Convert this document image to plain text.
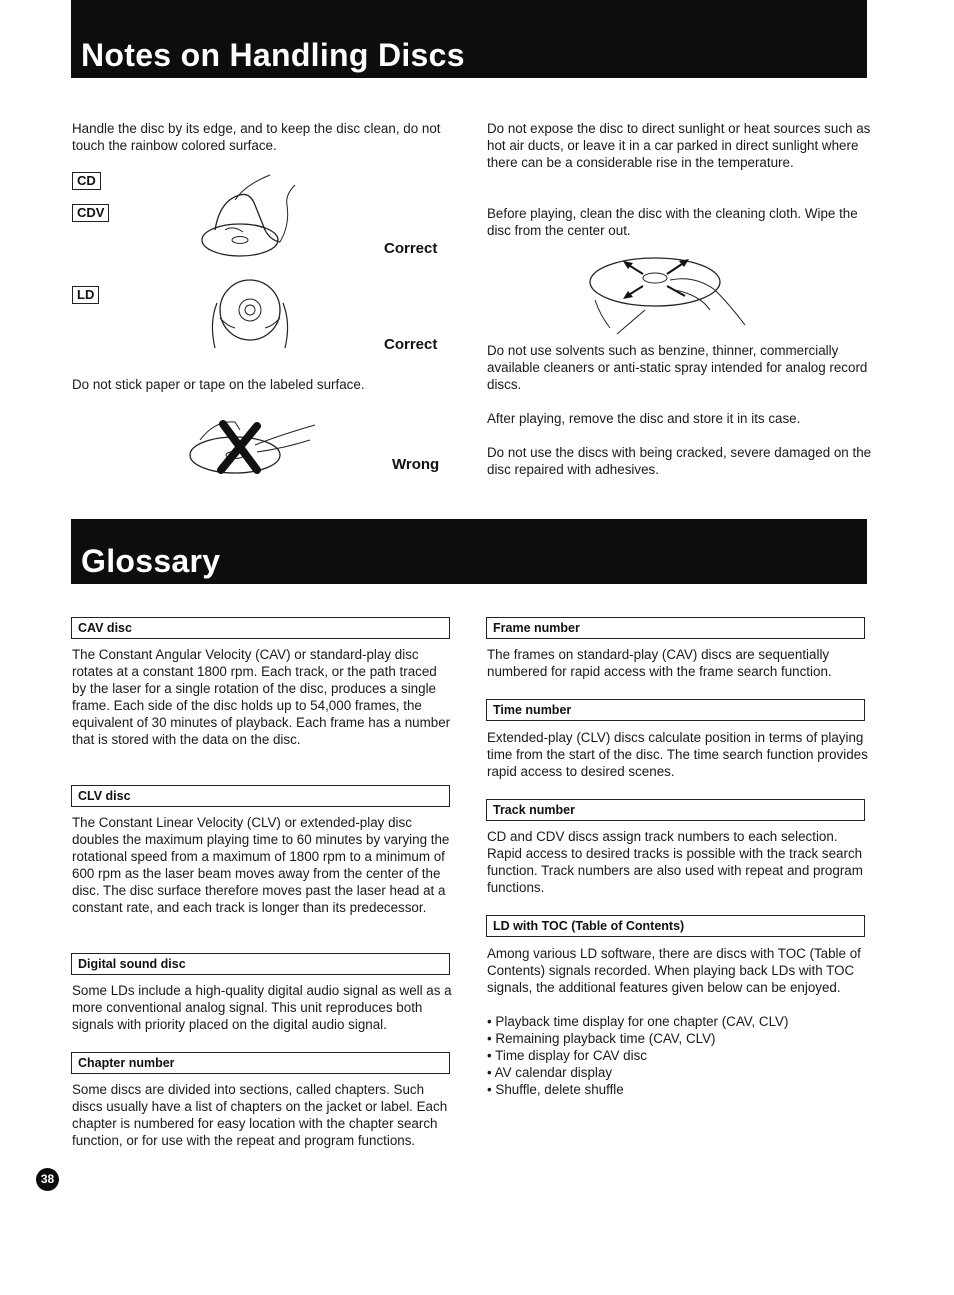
Notes on Handling Discs
Handle the disc by its edge, and to keep the disc clean, do not touch the rainbow colored surface.
CD
CDV
Correct
LD
Correct
Do not stick paper or tape on the labeled surface.
Wrong
Do not expose the disc to direct sunlight or heat sources such as hot air ducts, or leave it in a car parked in direct sunlight where there can be a considerable rise in the temperature.
Before playing, clean the disc with the cleaning cloth. Wipe the disc from the center out.
Do not use solvents such as benzine, thinner, commercially available cleaners or anti-static spray intended for analog record discs.
After playing, remove the disc and store it in its case.
Do not use the discs with being cracked, severe damaged on the disc repaired with adhesives.
Glossary
CAV disc
The Constant Angular Velocity (CAV) or standard-play disc rotates at a constant 1800 rpm. Each track, or the path traced by the laser for a single rotation of the disc, produces a single frame. Each side of the disc holds up to 54,000 frames, the equivalent of 30 minutes of playback. Each frame has a number that is stored with the data on the disc.
CLV disc
The Constant Linear Velocity (CLV) or extended-play disc doubles the maximum playing time to 60 minutes by varying the rotational speed from a maximum of 1800 rpm to a minimum of 600 rpm as the laser beam moves away from the center of the disc. The disc surface therefore moves past the laser head at a constant rate, and each track is longer than its predecessor.
Digital sound disc
Some LDs include a high-quality digital audio signal as well as a more conventional analog signal. This unit reproduces both signals with priority placed on the digital audio signal.
Chapter number
Some discs are divided into sections, called chapters. Such discs usually have a list of chapters on the jacket or label. Each chapter is numbered for easy location with the chapter search function, or for use with the repeat and program functions.
Frame number
The frames on standard-play (CAV) discs are sequentially numbered for rapid access with the frame search function.
Time number
Extended-play (CLV) discs calculate position in terms of playing time from the start of the disc. The time search function provides rapid access to desired scenes.
Track number
CD and CDV discs assign track numbers to each selection. Rapid access to desired tracks is possible with the track search function. Track numbers are also used with repeat and program functions.
LD with TOC (Table of Contents)
Among various LD software, there are discs with TOC (Table of Contents) signals recorded. When playing back LDs with TOC signals, the additional features given below can be enjoyed.
• Playback time display for one chapter (CAV, CLV)
• Remaining playback time (CAV, CLV)
• Time display for CAV disc
• AV calendar display
• Shuffle, delete shuffle
38
